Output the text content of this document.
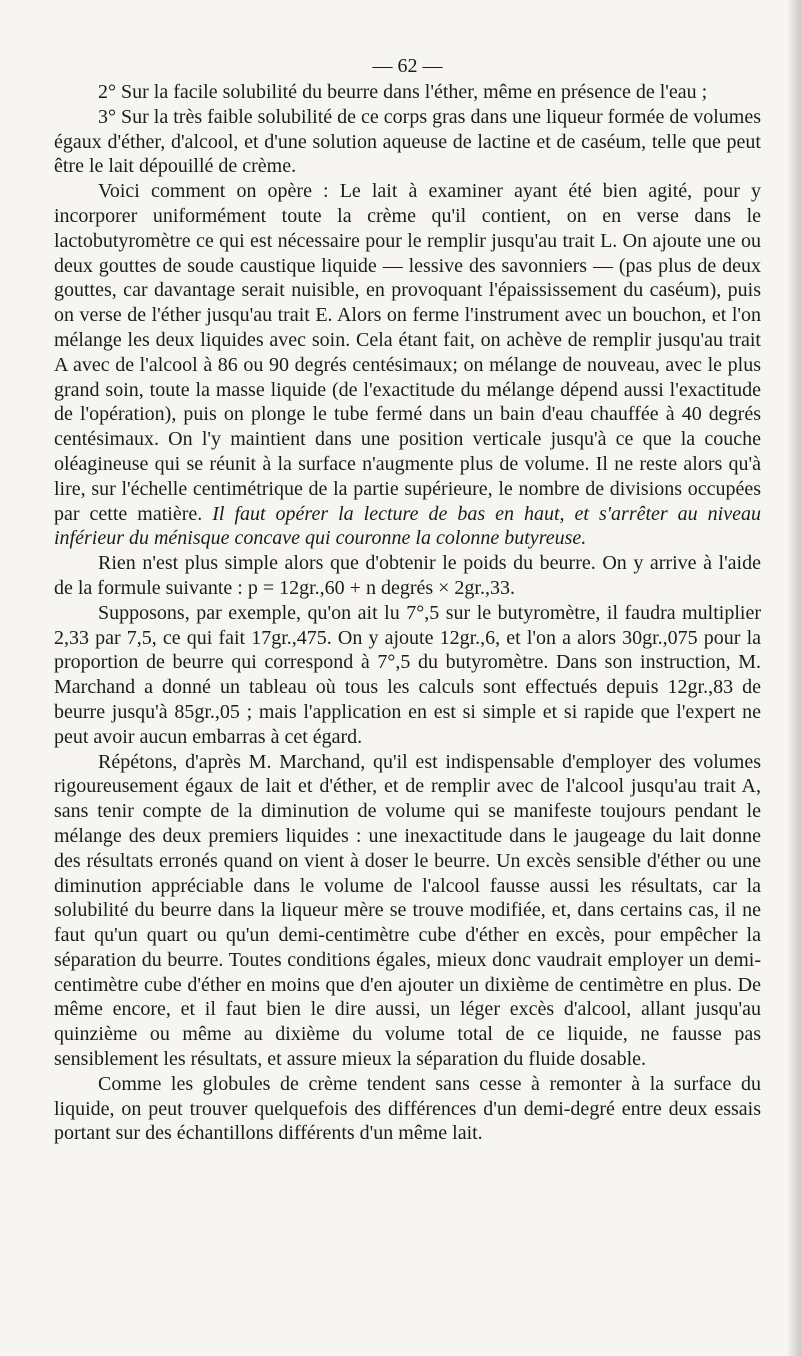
— 62 —

2° Sur la facile solubilité du beurre dans l'éther, même en présence de l'eau ;

3° Sur la très faible solubilité de ce corps gras dans une liqueur formée de volumes égaux d'éther, d'alcool, et d'une solution aqueuse de lactine et de caséum, telle que peut être le lait dépouillé de crème.

Voici comment on opère : Le lait à examiner ayant été bien agité, pour y incorporer uniformément toute la crème qu'il contient, on en verse dans le lactobutyromètre ce qui est nécessaire pour le remplir jusqu'au trait L. On ajoute une ou deux gouttes de soude caustique liquide — lessive des savonniers — (pas plus de deux gouttes, car davantage serait nuisible, en provoquant l'épaississement du caséum), puis on verse de l'éther jusqu'au trait E. Alors on ferme l'instrument avec un bouchon, et l'on mélange les deux liquides avec soin. Cela étant fait, on achève de remplir jusqu'au trait A avec de l'alcool à 86 ou 90 degrés centésimaux; on mélange de nouveau, avec le plus grand soin, toute la masse liquide (de l'exactitude du mélange dépend aussi l'exactitude de l'opération), puis on plonge le tube fermé dans un bain d'eau chauffée à 40 degrés centésimaux. On l'y maintient dans une position verticale jusqu'à ce que la couche oléagineuse qui se réunit à la surface n'augmente plus de volume. Il ne reste alors qu'à lire, sur l'échelle centimétrique de la partie supérieure, le nombre de divisions occupées par cette matière. Il faut opérer la lecture de bas en haut, et s'arrêter au niveau inférieur du ménisque concave qui couronne la colonne butyreuse.

Rien n'est plus simple alors que d'obtenir le poids du beurre. On y arrive à l'aide de la formule suivante : p = 12gr.,60 + n degrés × 2gr.,33.

Supposons, par exemple, qu'on ait lu 7°,5 sur le butyromètre, il faudra multiplier 2,33 par 7,5, ce qui fait 17gr.,475. On y ajoute 12gr.,6, et l'on a alors 30gr.,075 pour la proportion de beurre qui correspond à 7°,5 du butyromètre. Dans son instruction, M. Marchand a donné un tableau où tous les calculs sont effectués depuis 12gr.,83 de beurre jusqu'à 85gr.,05 ; mais l'application en est si simple et si rapide que l'expert ne peut avoir aucun embarras à cet égard.

Répétons, d'après M. Marchand, qu'il est indispensable d'employer des volumes rigoureusement égaux de lait et d'éther, et de remplir avec de l'alcool jusqu'au trait A, sans tenir compte de la diminution de volume qui se manifeste toujours pendant le mélange des deux premiers liquides : une inexactitude dans le jaugeage du lait donne des résultats erronés quand on vient à doser le beurre. Un excès sensible d'éther ou une diminution appréciable dans le volume de l'alcool fausse aussi les résultats, car la solubilité du beurre dans la liqueur mère se trouve modifiée, et, dans certains cas, il ne faut qu'un quart ou qu'un demi-centimètre cube d'éther en excès, pour empêcher la séparation du beurre. Toutes conditions égales, mieux donc vaudrait employer un demi-centimètre cube d'éther en moins que d'en ajouter un dixième de centimètre en plus. De même encore, et il faut bien le dire aussi, un léger excès d'alcool, allant jusqu'au quinzième ou même au dixième du volume total de ce liquide, ne fausse pas sensiblement les résultats, et assure mieux la séparation du fluide dosable.

Comme les globules de crème tendent sans cesse à remonter à la surface du liquide, on peut trouver quelquefois des différences d'un demi-degré entre deux essais portant sur des échantillons différents d'un même lait.
